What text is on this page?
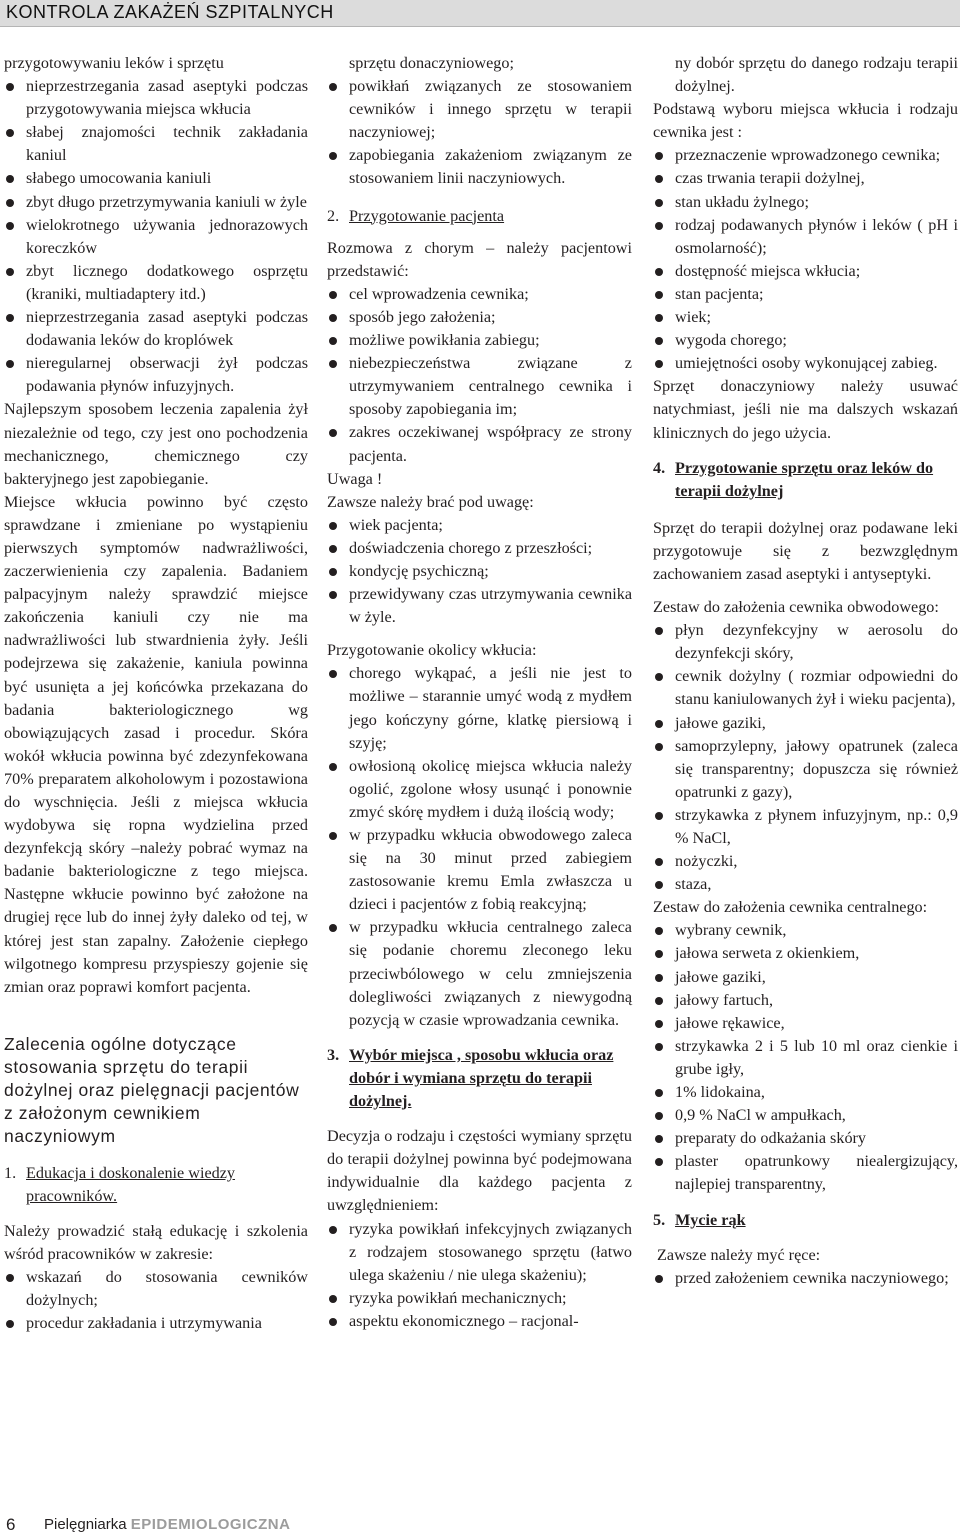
KONTROLA ZAKAŻEŃ SZPITALNYCH

przygotowywaniu leków i sprzętu

nieprzestrzegania zasad aseptyki podczas przygotowywania miejsca wkłucia
słabej znajomości technik zakładania kaniul
słabego umocowania kaniuli
zbyt długo przetrzymywania kaniuli w żyle
wielokrotnego używania jednorazowych koreczków
zbyt licznego dodatkowego osprzętu (kraniki, multiadaptery itd.)
nieprzestrzegania zasad aseptyki podczas dodawania leków do kroplówek
nieregularnej obserwacji żył podczas podawania płynów infuzyjnych.

Najlepszym sposobem leczenia zapalenia żył niezależnie od tego, czy jest ono pochodzenia mechanicznego, chemicznego czy bakteryjnego jest zapobieganie.

Miejsce wkłucia powinno być często sprawdzane i zmieniane po wystąpieniu pierwszych symptomów nadwrażliwości, zaczerwienienia czy zapalenia. Badaniem palpacyjnym należy sprawdzić miejsce zakończenia kaniuli czy nie ma nadwrażliwości lub stwardnienia żyły. Jeśli podejrzewa się zakażenie, kaniula powinna być usunięta a jej końcówka przekazana do badania bakteriologicznego wg obowiązujących zasad i procedur. Skóra wokół wkłucia powinna być zdezynfekowana 70% preparatem alkoholowym i pozostawiona do wyschnięcia. Jeśli z miejsca wkłucia wydobywa się ropna wydzielina przed dezynfekcją skóry –należy pobrać wymaz na badanie bakteriologiczne z tego miejsca. Następne wkłucie powinno być założone na drugiej ręce lub do innej żyły daleko od tej, w której jest stan zapalny. Założenie ciepłego wilgotnego kompresu przyspieszy gojenie się zmian oraz poprawi komfort pacjenta.

Zalecenia ogólne dotyczące stosowania sprzętu do terapii dożylnej oraz pielęgnacji pacjentów z założonym cewnikiem naczyniowym

1. Edukacja i doskonalenie wiedzy pracowników.

Należy prowadzić stałą edukację i szkolenia wśród pracowników w zakresie:

wskazań do stosowania cewników dożylnych;
procedur zakładania i utrzymywania
sprzętu donaczyniowego;
powikłań związanych ze stosowaniem cewników i innego sprzętu w terapii naczyniowej;
zapobiegania zakażeniom związanym ze stosowaniem linii naczyniowych.
2. Przygotowanie pacjenta

Rozmowa z chorym – należy pacjentowi przedstawić:

cel wprowadzenia cewnika;
sposób jego założenia;
możliwe powikłania zabiegu;
niebezpieczeństwa związane z utrzymywaniem centralnego cewnika i sposoby zapobiegania im;
zakres oczekiwanej współpracy ze strony pacjenta.

Uwaga !

Zawsze należy brać pod uwagę:

wiek pacjenta;
doświadczenia chorego z przeszłości;
kondycję psychiczną;
przewidywany czas utrzymywania cewnika w żyle.

Przygotowanie okolicy wkłucia:

chorego wykąpać, a jeśli nie jest to możliwe – starannie umyć wodą z mydłem jego kończyny górne, klatkę piersiową i szyję;
owłosioną okolicę miejsca wkłucia należy ogolić, zgolone włosy usunąć i ponownie zmyć skórę mydłem i dużą ilością wody;
w przypadku wkłucia obwodowego zaleca się na 30 minut przed zabiegiem zastosowanie kremu Emla zwłaszcza u dzieci i pacjentów z fobią reakcyjną;
w przypadku wkłucia centralnego zaleca się podanie choremu zleconego leku przeciwbólowego w celu zmniejszenia dolegliwości związanych z niewygodną pozycją w czasie wprowadzania cewnika.
3. Wybór miejsca , sposobu wkłucia oraz dobór i wymiana sprzętu do terapii dożylnej.

Decyzja o rodzaju i częstości wymiany sprzętu do terapii dożylnej powinna być podejmowana indywidualnie dla każdego pacjenta z uwzględnieniem:

ryzyka powikłań infekcyjnych związanych z rodzajem stosowanego sprzętu (łatwo ulega skażeniu / nie ulega skażeniu);
ryzyka powikłań mechanicznych;
aspektu ekonomicznego – racjonal-
ny dobór sprzętu do danego rodzaju terapii dożylnej.

Podstawą wyboru miejsca wkłucia i rodzaju cewnika jest :

przeznaczenie wprowadzonego cewnika;
czas trwania terapii dożylnej,
stan układu żylnego;
rodzaj podawanych płynów i leków ( pH i osmolarność);
dostępność miejsca wkłucia;
stan pacjenta;
wiek;
wygoda chorego;
umiejętności osoby wykonującej zabieg.

Sprzęt donaczyniowy należy usuwać natychmiast, jeśli nie ma dalszych wskazań klinicznych do jego użycia.

4. Przygotowanie sprzętu oraz leków do terapii dożylnej

Sprzęt do terapii dożylnej oraz podawane leki przygotowuje się z bezwzględnym zachowaniem zasad aseptyki i antyseptyki.

Zestaw do założenia cewnika obwodowego:

płyn dezynfekcyjny w aerosolu do dezynfekcji skóry,
cewnik dożylny ( rozmiar odpowiedni do stanu kaniulowanych żył i wieku pacjenta),
jałowe gaziki,
samoprzylepny, jałowy opatrunek (zaleca się transparentny; dopuszcza się również opatrunki z gazy),
strzykawka z płynem infuzyjnym, np.: 0,9 % NaCl,
nożyczki,
staza,

Zestaw do założenia cewnika centralnego:

wybrany cewnik,
jałowa serweta z okienkiem,
jałowe gaziki,
jałowy fartuch,
jałowe rękawice,
strzykawka 2 i 5 lub 10 ml oraz cienkie i grube igły,
1% lidokaina,
0,9 % NaCl w ampułkach,
preparaty do odkażania skóry
plaster opatrunkowy niealergizujący, najlepiej transparentny,
5. Mycie rąk

Zawsze należy myć ręce:

przed założeniem cewnika naczyniowego;
6 Pielęgniarka EPIDEMIOLOGICZNA
